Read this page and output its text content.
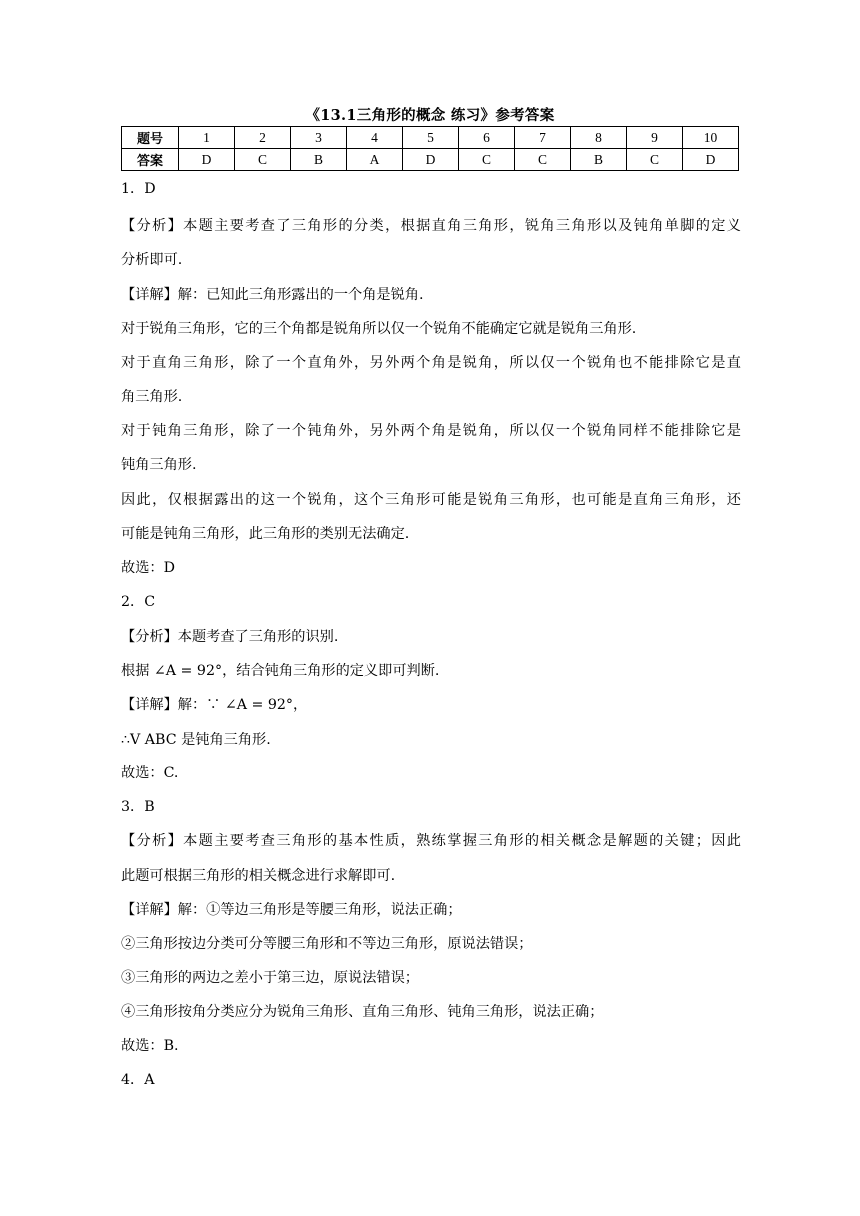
《13.1三角形的概念 练习》参考答案
题号	1	2	3	4	5	6	7	8	9	10
答案	D	C	B	A	D	C	C	B	C	D
1．D
【分析】本题主要考查了三角形的分类，根据直角三角形，锐角三角形以及钝角单脚的定义
分析即可.
【详解】解：已知此三角形露出的一个角是锐角.
对于锐角三角形，它的三个角都是锐角所以仅一个锐角不能确定它就是锐角三角形.
对于直角三角形，除了一个直角外，另外两个角是锐角，所以仅一个锐角也不能排除它是直
角三角形.
对于钝角三角形，除了一个钝角外，另外两个角是锐角，所以仅一个锐角同样不能排除它是
钝角三角形.
因此，仅根据露出的这一个锐角，这个三角形可能是锐角三角形，也可能是直角三角形，还
可能是钝角三角形，此三角形的类别无法确定.
故选：D
2．C
【分析】本题考查了三角形的识别.
根据 ∠A = 92°，结合钝角三角形的定义即可判断.
【详解】解：∵ ∠A = 92°，
∴V ABC 是钝角三角形.
故选：C.
3．B
【分析】本题主要考查三角形的基本性质，熟练掌握三角形的相关概念是解题的关键；因此
此题可根据三角形的相关概念进行求解即可.
【详解】解：①等边三角形是等腰三角形，说法正确；
②三角形按边分类可分等腰三角形和不等边三角形，原说法错误；
③三角形的两边之差小于第三边，原说法错误；
④三角形按角分类应分为锐角三角形、直角三角形、钝角三角形，说法正确；
故选：B.
4．A
